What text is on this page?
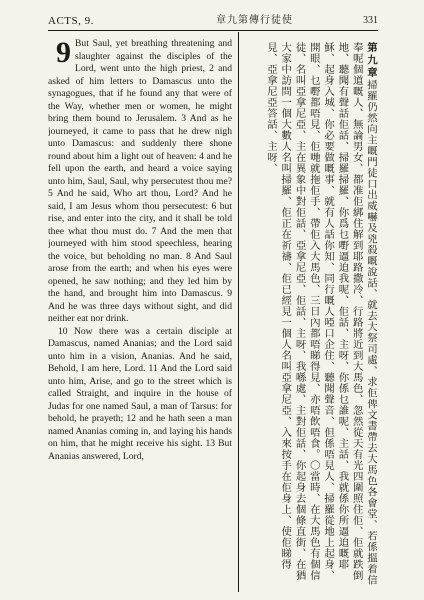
ACTS, 9.	章九第傳行徒使	331

9 But Saul, yet breathing threatening and slaughter against the disciples of the Lord, went unto the high priest, 2 and asked of him letters to Damascus unto the synagogues, that if he found any that were of the Way, whether men or women, he might bring them bound to Jerusalem. 3 And as he journeyed, it came to pass that he drew nigh unto Damascus: and suddenly there shone round about him a light out of heaven: 4 and he fell upon the earth, and heard a voice saying unto him, Saul, Saul, why persecutest thou me? 5 And he said, Who art thou, Lord? And he said, I am Jesus whom thou persecutest: 6 but rise, and enter into the city, and it shall be told thee what thou must do. 7 And the men that journeyed with him stood speechless, hearing the voice, but beholding no man. 8 And Saul arose from the earth; and when his eyes were opened, he saw nothing; and they led him by the hand, and brought him into Damascus. 9 And he was three days without sight, and did neither eat nor drink.

10 Now there was a certain disciple at Damascus, named Ananias; and the Lord said unto him in a vision, Ananias. And he said, Behold, I am here, Lord. 11 And the Lord said unto him, Arise, and go to the street which is called Straight, and inquire in the house of Judas for one named Saul, a man of Tarsus: for behold, he prayeth; 12 and he hath seen a man named Ananias coming in, and laying his hands on him, that he might receive his sight. 13 But Ananias answered, Lord,

第九章掃羅仍然向主嘅門徒口出威嚇及兇殺嘅說話、就去大祭司處、求佢俾文書帶去大馬色各會堂、若係搵着信奉呢個道嘅人、無論男女、都准佢綁住解到耶路撒冷、行路將近到大馬色、忽然從天有光四圍照住佢、佢就跌倒地、聽聞有聲話佢話、掃羅掃羅、你爲乜嘢逼迫我呢、佢話、主呀、你係乜誰呢、主話、我就係你所逼迫嘅耶穌、起身入城、你必要做嘅事、就有人話你知、同行嘅人啞口企住、聽聞聲音、但係唔見人、掃羅從地上起身、開眼、乜嘢都唔見、佢哋就拖佢手、帶佢入大馬色、三日內都唔睇得見、亦唔飲唔食。〇當時、在大馬色有個信徒、名叫亞拿尼亞、主在異象中對佢話、亞拿尼亞、佢話、主呀、我喺處、主對佢話、你起身去個條直街、在猶大家中訪問一個大數人名叫掃羅、佢正在祈禱、佢已經見一個人名叫亞拿尼亞、入來按手在佢身上、使佢睇得見、亞拿尼亞答話、主呀、
